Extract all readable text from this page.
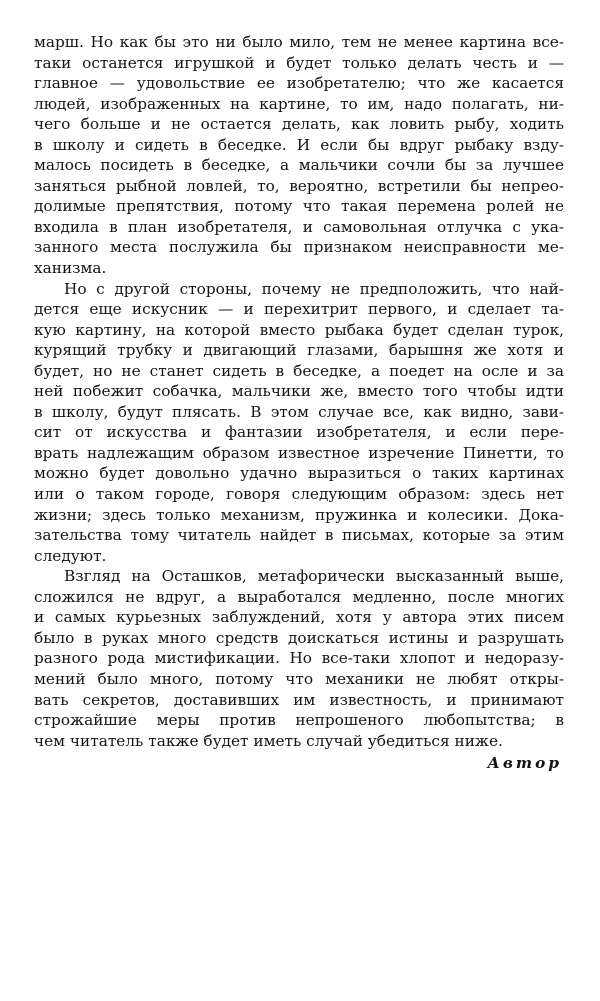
марш. Но как бы это ни было мило, тем не менее картина все-
таки останется игрушкой и будет только делать честь и —
главное — удовольствие ее изобретателю; что же касается
людей, изображенных на картине, то им, надо полагать, ни-
чего больше и не остается делать, как ловить рыбу, ходить
в школу и сидеть в беседке. И если бы вдруг рыбаку взду-
малось посидеть в беседке, а мальчики сочли бы за лучшее
заняться рыбной ловлей, то, вероятно, встретили бы непрео-
долимые препятствия, потому что такая перемена ролей не
входила в план изобретателя, и самовольная отлучка с ука-
занного места послужила бы признаком неисправности ме-
ханизма.
Но с другой стороны, почему не предположить, что най-
дется еще искусник — и перехитрит первого, и сделает та-
кую картину, на которой вместо рыбака будет сделан турок,
курящий трубку и двигающий глазами, барышня же хотя и
будет, но не станет сидеть в беседке, а поедет на осле и за
ней побежит собачка, мальчики же, вместо того чтобы идти
в школу, будут плясать. В этом случае все, как видно, зави-
сит от искусства и фантазии изобретателя, и если пере-
врать надлежащим образом известное изречение Пинетти, то
можно будет довольно удачно выразиться о таких картинах
или о таком городе, говоря следующим образом: здесь нет
жизни; здесь только механизм, пружинка и колесики. Дока-
зательства тому читатель найдет в письмах, которые за этим
следуют.
Взгляд на Осташков, метафорически высказанный выше,
сложился не вдруг, а выработался медленно, после многих
и самых курьезных заблуждений, хотя у автора этих писем
было в руках много средств доискаться истины и разрушать
разного рода мистификации. Но все-таки хлопот и недоразу-
мений было много, потому что механики не любят откры-
вать секретов, доставивших им известность, и принимают
строжайшие меры против непрошеного любопытства; в
чем читатель также будет иметь случай убедиться ниже.
Автор
